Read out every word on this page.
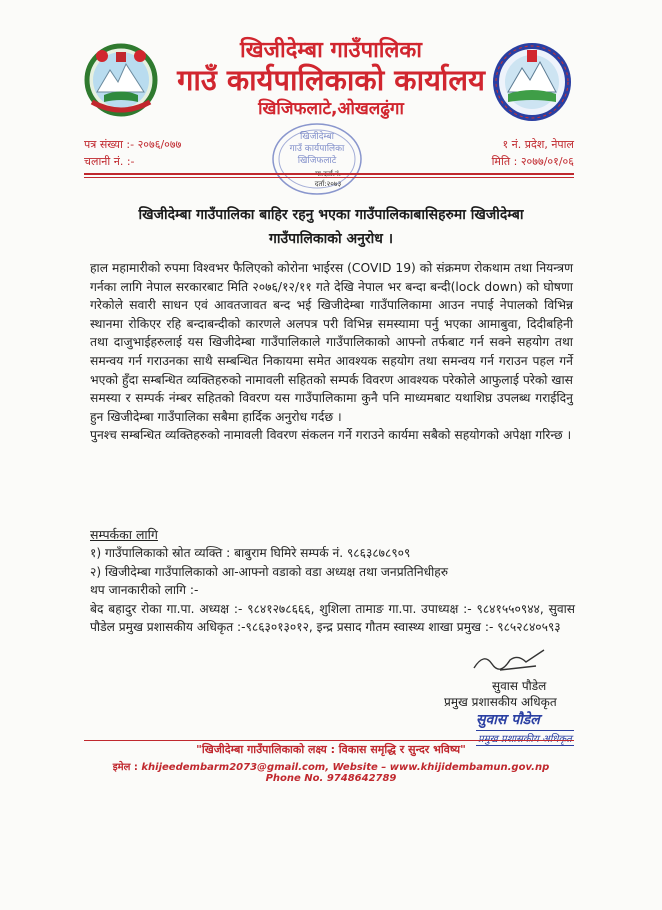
खिजीदेम्बा गाउँपालिका
गाउँ कार्यपालिकाको कार्यालय
खिजिफलाटे,ओखलढुंगा
पत्र संख्या :- २०७६/०७७
चलानी नं. :-
१ नं. प्रदेश, नेपाल
मिति : २०७७/०१/०६
खिजीदेम्बा
गाउँ कार्यपालिका
खिजिफलाटे
मा.दर्ता.नं.
दर्ता:२०७३
खिजीदेम्बा गाउँपालिका बाहिर रहनु भएका गाउँपालिकाबासिहरुमा खिजीदेम्बा
गाउँपालिकाको अनुरोध ।

हाल महामारीको रुपमा विश्वभर फैलिएको कोरोना भाईरस (COVID 19) को संक्रमण रोकथाम तथा नियन्त्रण गर्नका लागि नेपाल सरकारबाट मिति २०७६/१२/११ गते देखि नेपाल भर बन्दा बन्दी(lock down) को घोषणा गरेकोले सवारी साधन एवं आवतजावत बन्द भई खिजीदेम्बा गाउँपालिकामा आउन नपाई नेपालको विभिन्न स्थानमा रोकिएर रहि बन्दाबन्दीको कारणले अलपत्र परी विभिन्न समस्यामा पर्नु भएका आमाबुवा, दिदीबहिनी तथा दाजुभाईहरुलाई यस खिजीदेम्बा गाउँपालिकाले गाउँपालिकाको आफ्नो तर्फबाट गर्न सक्ने सहयोग तथा समन्वय गर्न गराउनका साथै सम्बन्धित निकायमा समेत आवश्यक सहयोग तथा समन्वय गर्न गराउन पहल गर्ने भएको हुँदा सम्बन्धित व्यक्तिहरुको नामावली सहितको सम्पर्क विवरण आवश्यक परेकोले आफुलाई परेको खास समस्या र सम्पर्क नंम्बर सहितको विवरण यस गाउँपालिकामा कुनै पनि माध्यमबाट यथाशिघ्र उपलब्ध गराईदिनु हुन खिजीदेम्बा गाउँपालिका सबैमा हार्दिक अनुरोध गर्दछ ।

पुनश्च सम्बन्धित व्यक्तिहरुको नामावली विवरण संकलन गर्ने गराउने कार्यमा सबैको सहयोगको अपेक्षा गरिन्छ ।

सम्पर्कका लागि
१) गाउँपालिकाको स्रोत व्यक्ति : बाबुराम घिमिरे सम्पर्क नं. ९८६३८७८९०९
२) खिजीदेम्बा गाउँपालिकाको आ-आफ्नो वडाको वडा अध्यक्ष तथा जनप्रतिनिधीहरु
थप जानकारीको लागि :-
बेद बहादुर रोका गा.पा. अध्यक्ष :- ९८४१२७८६६६, शुशिला तामाङ गा.पा. उपाध्यक्ष :- ९८४१५५०९४४, सुवास पौडेल प्रमुख प्रशासकीय अधिकृत :-९८६३०१३०१२, इन्द्र प्रसाद गौतम स्वास्थ्य शाखा प्रमुख :- ९८५२८४०५९३
सुवास पौडेल
प्रमुख प्रशासकीय अधिकृत
सुवास पौडेल
प्रमुख प्रशासकीय अधिकृत
"खिजीदेम्बा गाउँपालिकाको लक्ष्य : विकास समृद्धि र सुन्दर भविष्य"
इमेल : khijeedembarm2073@gmail.com, Website – www.khijidembamun.gov.np
Phone No. 9748642789
